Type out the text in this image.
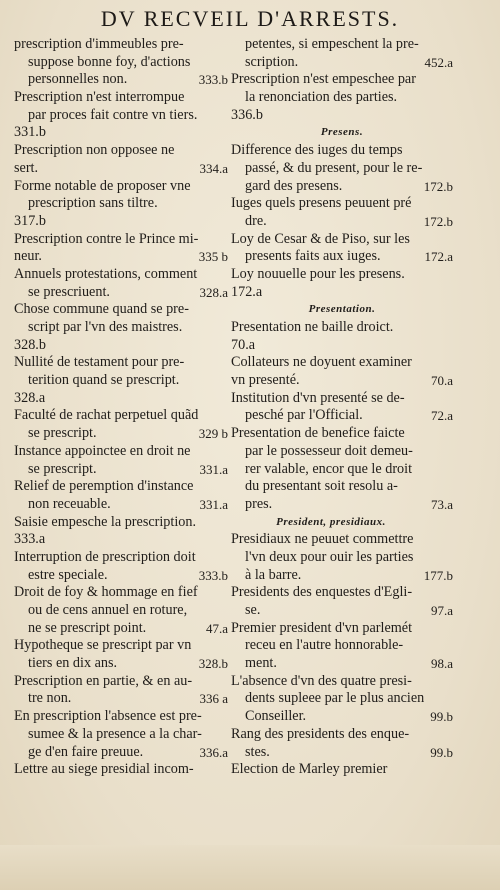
DV RECVEIL D'ARRESTS.
prescription d'immeubles pre-
suppose bonne foy, d'actions
333.b
personnelles non.
Prescription n'est interrompue
par proces fait contre vn tiers.
331.b
Prescription non opposee ne
334.a
sert.
Forme notable de proposer vne
prescription sans tiltre.
317.b
Prescription contre le Prince mi-
335 b
neur.
Annuels protestations, comment
328.a
se prescriuent.
Chose commune quand se pre-
script par l'vn des maistres.
328.b
Nullité de testament pour pre-
terition quand se prescript.
328.a
Faculté de rachat perpetuel quãd
329 b
se prescript.
Instance appoinctee en droit ne
331.a
se prescript.
Relief de peremption d'instance
331.a
non receuable.
Saisie empesche la prescription.
333.a
Interruption de prescription doit
333.b
estre speciale.
Droit de foy & hommage en fief
ou de cens annuel en roture,
47.a
ne se prescript point.
Hypotheque se prescript par vn
328.b
tiers en dix ans.
Prescription en partie, & en au-
336 a
tre non.
En prescription l'absence est pre-
sumee & la presence a la char-
336.a
ge d'en faire preuue.
Lettre au siege presidial incom-
petentes, si empeschent la pre-
452.a
scription.
Prescription n'est empeschee par
la renonciation des parties.
336.b
Presens.
Difference des iuges du temps
passé, & du present, pour le re-
172.b
gard des presens.
Iuges quels presens peuuent pré
172.b
dre.
Loy de Cesar & de Piso, sur les
172.a
presents faits aux iuges.
Loy nouuelle pour les presens.
172.a
Presentation.
Presentation ne baille droict.
70.a
Collateurs ne doyuent examiner
70.a
vn presenté.
Institution d'vn presenté se de-
72.a
pesché par l'Official.
Presentation de benefice faicte
par le possesseur doit demeu-
rer valable, encor que le droit
du presentant soit resolu a-
73.a
pres.
President, presidiaux.
Presidiaux ne peuuet commettre
l'vn deux pour ouir les parties
177.b
à la barre.
Presidents des enquestes d'Egli-
97.a
se.
Premier president d'vn parlemét
receu en l'autre honnorable-
98.a
ment.
L'absence d'vn des quatre presi-
dents supleee par le plus ancien
99.b
Conseiller.
Rang des presidents des enque-
99.b
stes.
Election de Marley premier
